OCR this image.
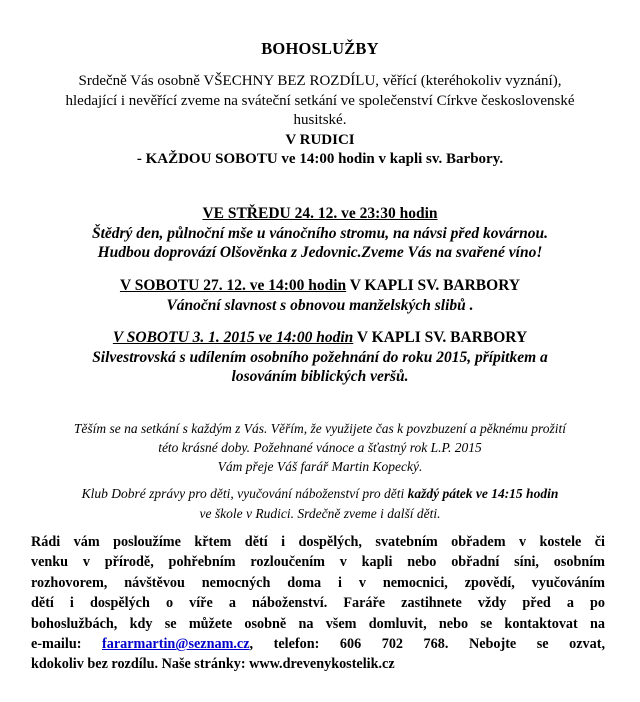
BOHOSLUŽBY
Srdečně Vás osobně VŠECHNY BEZ ROZDÍLU, věřící (kteréhokoliv vyznání),
hledající i nevěřící zveme na sváteční setkání ve společenství Církve československé
husitské.
V RUDICI
- KAŽDOU SOBOTU ve 14:00 hodin v kapli sv. Barbory.
VE STŘEDU 24. 12. ve 23:30 hodin
Štědrý den, půlnoční mše u vánočního stromu, na návsi před kovárnou.
Hudbou doprovází Olšověnka z Jedovnic.Zveme Vás na svařené víno!
V SOBOTU 27. 12. ve 14:00 hodin V KAPLI SV. BARBORY
Vánoční slavnost s obnovou manželských slibů .
V SOBOTU 3. 1. 2015 ve 14:00 hodin V KAPLI SV. BARBORY
Silvestrovská s udílením osobního požehnání do roku 2015, přípitkem a
losováním biblických veršů.
Těším se na setkání s každým z Vás. Věřím, že využijete čas k povzbuzení a pěknému prožití
této krásné doby. Požehnané vánoce a šťastný rok L.P. 2015
Vám přeje Váš farář Martin Kopecký.
Klub Dobré zprávy pro děti, vyučování náboženství pro děti každý pátek ve 14:15 hodin
ve škole v Rudici. Srdečně zveme i další děti.
Rádi vám posloužíme křtem dětí i dospělých, svatebním obřadem v kostele či
venku v přírodě, pohřebním rozloučením v kapli nebo obřadní síni, osobním
rozhovorem, návštěvou nemocných doma i v nemocnici, zpovědí, vyučováním
dětí i dospělých o víře a náboženství. Faráře zastihnete vždy před a po
bohoslužbách, kdy se můžete osobně na všem domluvit, nebo se kontaktovat na
e-mailu: fararmartin@seznam.cz, telefon: 606 702 768. Nebojte se ozvat,
kdokoliv bez rozdílu. Naše stránky: www.drevenykostelik.cz
